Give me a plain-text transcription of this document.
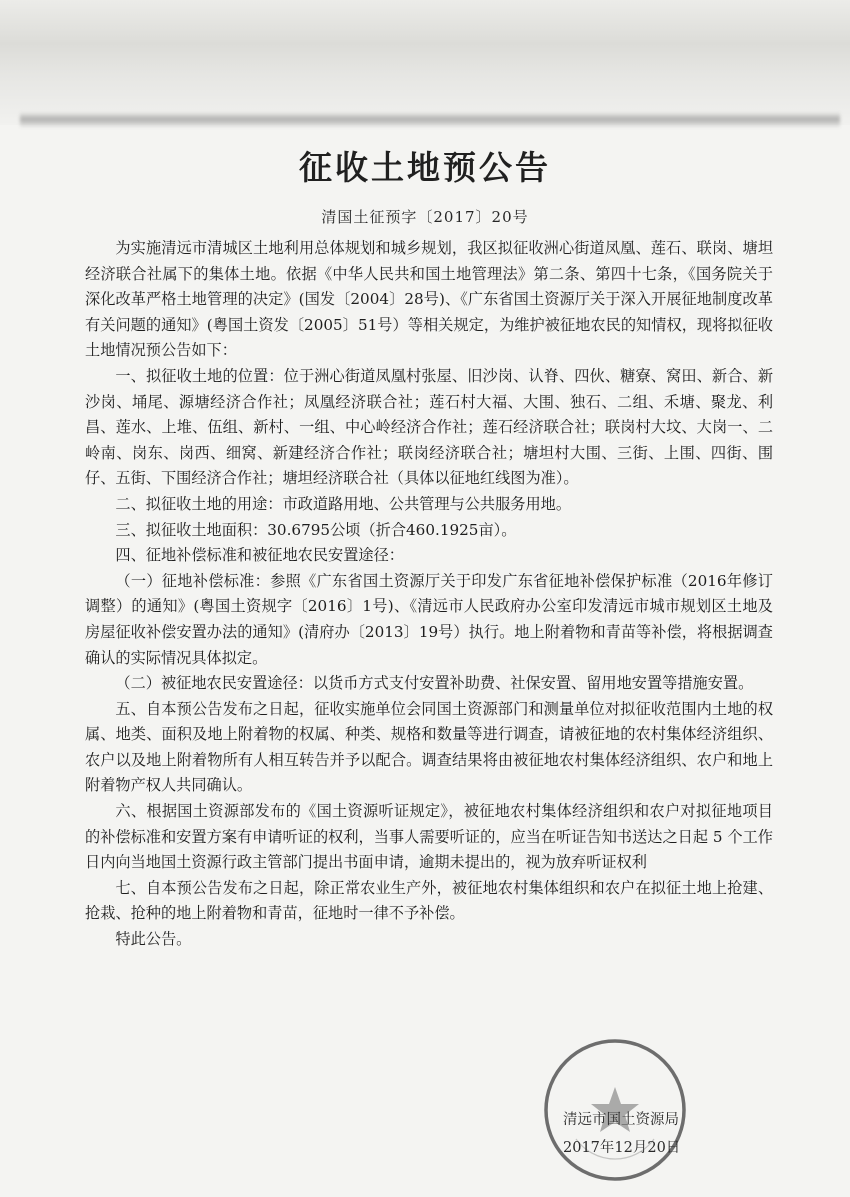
征收土地预公告
清国土征预字〔2017〕20号

为实施清远市清城区土地利用总体规划和城乡规划，我区拟征收洲心街道凤凰、莲石、联岗、塘坦经济联合社属下的集体土地。依据《中华人民共和国土地管理法》第二条、第四十七条，《国务院关于深化改革严格土地管理的决定》(国发〔2004〕28号)、《广东省国土资源厅关于深入开展征地制度改革有关问题的通知》(粤国土资发〔2005〕51号）等相关规定，为维护被征地农民的知情权，现将拟征收土地情况预公告如下：

一、拟征收土地的位置：位于洲心街道凤凰村张屋、旧沙岗、认脊、四伙、糖寮、窝田、新合、新沙岗、埇尾、源塘经济合作社；凤凰经济联合社；莲石村大福、大围、独石、二组、禾塘、聚龙、利昌、莲水、上堆、伍组、新村、一组、中心岭经济合作社；莲石经济联合社；联岗村大坟、大岗一、二岭南、岗东、岗西、细窝、新建经济合作社；联岗经济联合社；塘坦村大围、三街、上围、四街、围仔、五街、下围经济合作社；塘坦经济联合社（具体以征地红线图为准）。

二、拟征收土地的用途：市政道路用地、公共管理与公共服务用地。

三、拟征收土地面积：30.6795公顷（折合460.1925亩）。

四、征地补偿标准和被征地农民安置途径：

（一）征地补偿标准：参照《广东省国土资源厅关于印发广东省征地补偿保护标准（2016年修订调整）的通知》(粤国土资规字〔2016〕1号)、《清远市人民政府办公室印发清远市城市规划区土地及房屋征收补偿安置办法的通知》(清府办〔2013〕19号）执行。地上附着物和青苗等补偿，将根据调查确认的实际情况具体拟定。

（二）被征地农民安置途径：以货币方式支付安置补助费、社保安置、留用地安置等措施安置。

五、自本预公告发布之日起，征收实施单位会同国土资源部门和测量单位对拟征收范围内土地的权属、地类、面积及地上附着物的权属、种类、规格和数量等进行调查，请被征地的农村集体经济组织、农户以及地上附着物所有人相互转告并予以配合。调查结果将由被征地农村集体经济组织、农户和地上附着物产权人共同确认。

六、根据国土资源部发布的《国土资源听证规定》，被征地农村集体经济组织和农户对拟征地项目的补偿标准和安置方案有申请听证的权利，当事人需要听证的，应当在听证告知书送达之日起 5 个工作日内向当地国土资源行政主管部门提出书面申请，逾期未提出的，视为放弃听证权利

七、自本预公告发布之日起，除正常农业生产外，被征地农村集体组织和农户在拟征土地上抢建、抢栽、抢种的地上附着物和青苗，征地时一律不予补偿。

特此公告。

清远市国土资源局
2017年12月20日
